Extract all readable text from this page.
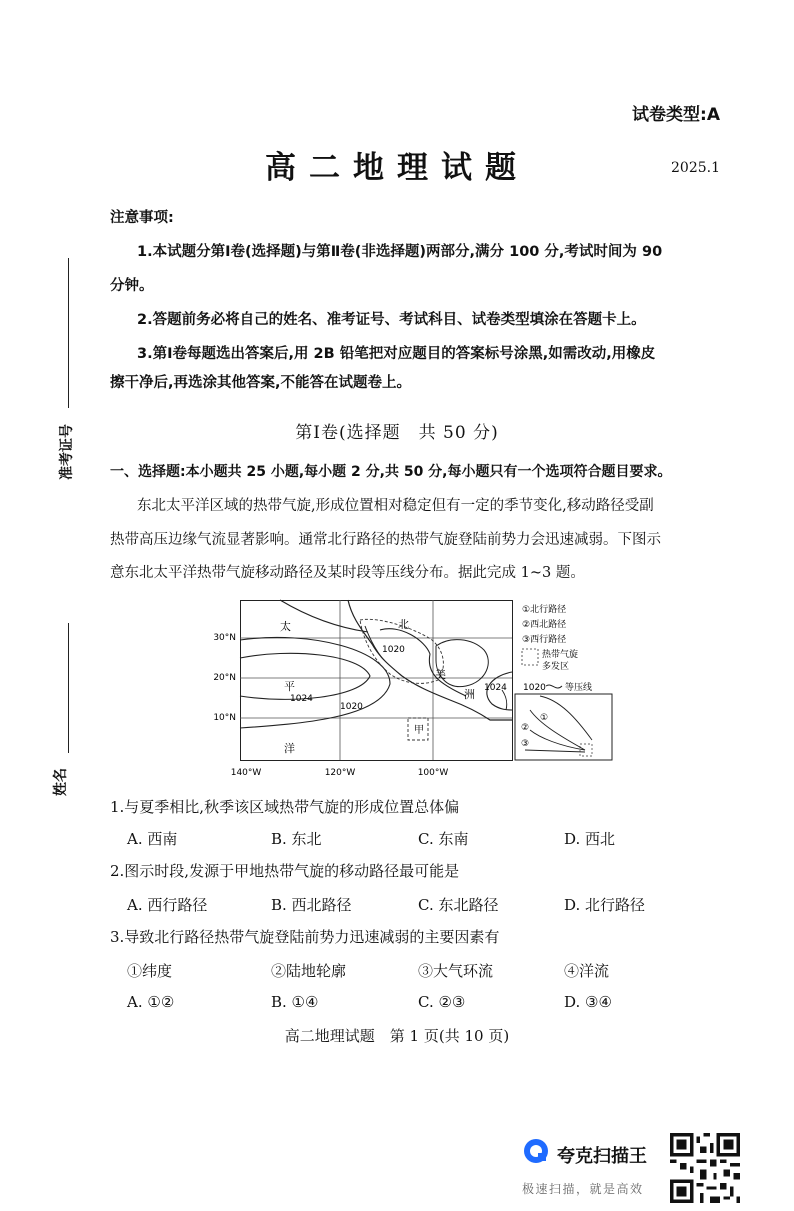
试卷类型:A
高二地理试题	2025.1
准考证号
姓名
注意事项:
1.本试题分第Ⅰ卷(选择题)与第Ⅱ卷(非选择题)两部分,满分 100 分,考试时间为 90
分钟。
2.答题前务必将自己的姓名、准考证号、考试科目、试卷类型填涂在答题卡上。
3.第Ⅰ卷每题选出答案后,用 2B 铅笔把对应题目的答案标号涂黑,如需改动,用橡皮
擦干净后,再选涂其他答案,不能答在试题卷上。
第Ⅰ卷(选择题　共 50 分)
一、选择题:本小题共 25 小题,每小题 2 分,共 50 分,每小题只有一个选项符合题目要求。
东北太平洋区域的热带气旋,形成位置相对稳定但有一定的季节变化,移动路径受副
热带高压边缘气流显著影响。通常北行路径的热带气旋登陆前势力会迅速减弱。下图示
意东北太平洋热带气旋移动路径及某时段等压线分布。据此完成 1~3 题。
30°N
20°N
10°N
140°W	120°W	100°W
太
平
洋
北
美
洲
甲
1020
1024
1020
1024
①北行路径
②西北路径
③西行路径
热带气旋
多发区
1020 等压线
②
③
①
1.与夏季相比,秋季该区域热带气旋的形成位置总体偏
A. 西南	B. 东北	C. 东南	D. 西北
2.图示时段,发源于甲地热带气旋的移动路径最可能是
A. 西行路径	B. 西北路径	C. 东北路径	D. 北行路径
3.导致北行路径热带气旋登陆前势力迅速减弱的主要因素有
①纬度	②陆地轮廓	③大气环流	④洋流
A. ①②	B. ①④	C. ②③	D. ③④
高二地理试题　第 1 页(共 10 页)
夸克扫描王
极速扫描，就是高效
